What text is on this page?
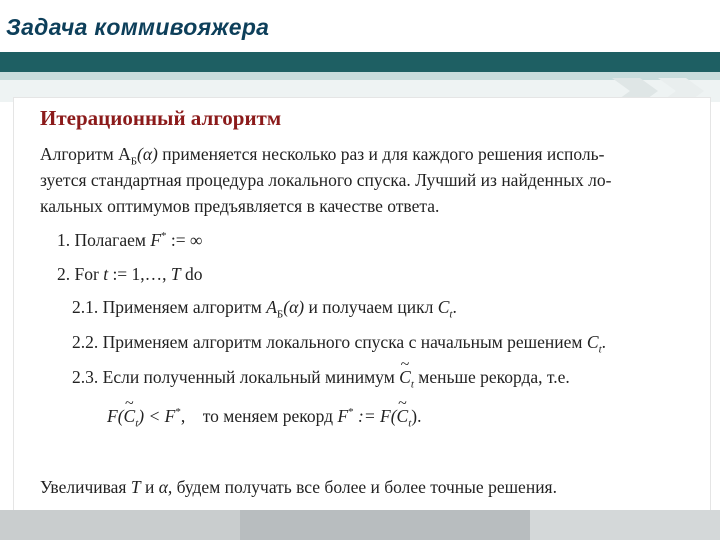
Задача коммивояжера
Итерационный алгоритм
Алгоритм $A_Б(\alpha)$ применяется несколько раз и для каждого решения исполь-
зуется стандартная процедура локального спуска. Лучший из найденных ло-
кальных оптимумов предъявляется в качестве ответа.
1. Полагаем F* := ∞
2. For t := 1,…, T do
2.1. Применяем алгоритм $A_Б(\alpha)$ и получаем цикл $C_t$.
2.2. Применяем алгоритм локального спуска с начальным решением $C_t$.
2.3. Если полученный локальный минимум ~ $C_t$ меньше рекорда, т.е.
F(~ $C_t) < F^*$, то меняем рекорд F* := F(~ $C_t$).
Увеличивая T и α, будем получать все более и более точные решения.
